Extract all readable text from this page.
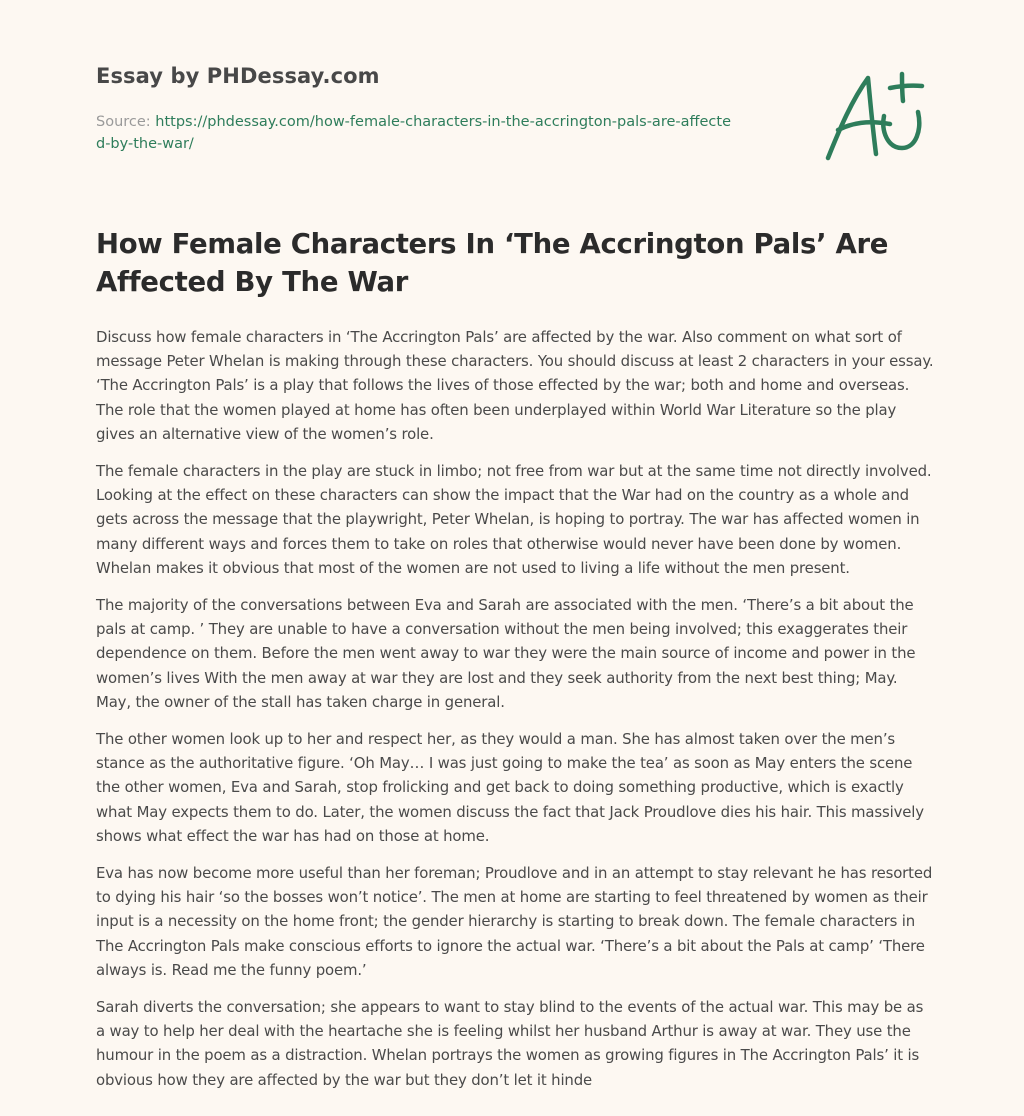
Essay by PHDessay.com
Source: https://phdessay.com/how-female-characters-in-the-accrington-pals-are-affected-by-the-war/
How Female Characters In ‘The Accrington Pals’ Are Affected By The War

Discuss how female characters in ‘The Accrington Pals’ are affected by the war. Also comment on what sort of message Peter Whelan is making through these characters. You should discuss at least 2 characters in your essay. ‘The Accrington Pals’ is a play that follows the lives of those effected by the war; both and home and overseas. The role that the women played at home has often been underplayed within World War Literature so the play gives an alternative view of the women’s role.

The female characters in the play are stuck in limbo; not free from war but at the same time not directly involved. Looking at the effect on these characters can show the impact that the War had on the country as a whole and gets across the message that the playwright, Peter Whelan, is hoping to portray. The war has affected women in many different ways and forces them to take on roles that otherwise would never have been done by women. Whelan makes it obvious that most of the women are not used to living a life without the men present.

The majority of the conversations between Eva and Sarah are associated with the men. ‘There’s a bit about the pals at camp. ’ They are unable to have a conversation without the men being involved; this exaggerates their dependence on them. Before the men went away to war they were the main source of income and power in the women’s lives With the men away at war they are lost and they seek authority from the next best thing; May. May, the owner of the stall has taken charge in general.

The other women look up to her and respect her, as they would a man. She has almost taken over the men’s stance as the authoritative figure. ‘Oh May… I was just going to make the tea’ as soon as May enters the scene the other women, Eva and Sarah, stop frolicking and get back to doing something productive, which is exactly what May expects them to do. Later, the women discuss the fact that Jack Proudlove dies his hair. This massively shows what effect the war has had on those at home.

Eva has now become more useful than her foreman; Proudlove and in an attempt to stay relevant he has resorted to dying his hair ‘so the bosses won’t notice’. The men at home are starting to feel threatened by women as their input is a necessity on the home front; the gender hierarchy is starting to break down. The female characters in The Accrington Pals make conscious efforts to ignore the actual war. ‘There’s a bit about the Pals at camp’ ‘There always is. Read me the funny poem.’

Sarah diverts the conversation; she appears to want to stay blind to the events of the actual war. This may be as a way to help her deal with the heartache she is feeling whilst her husband Arthur is away at war. They use the humour in the poem as a distraction. Whelan portrays the women as growing figures in The Accrington Pals’ it is obvious how they are affected by the war but they don’t let it hinde
